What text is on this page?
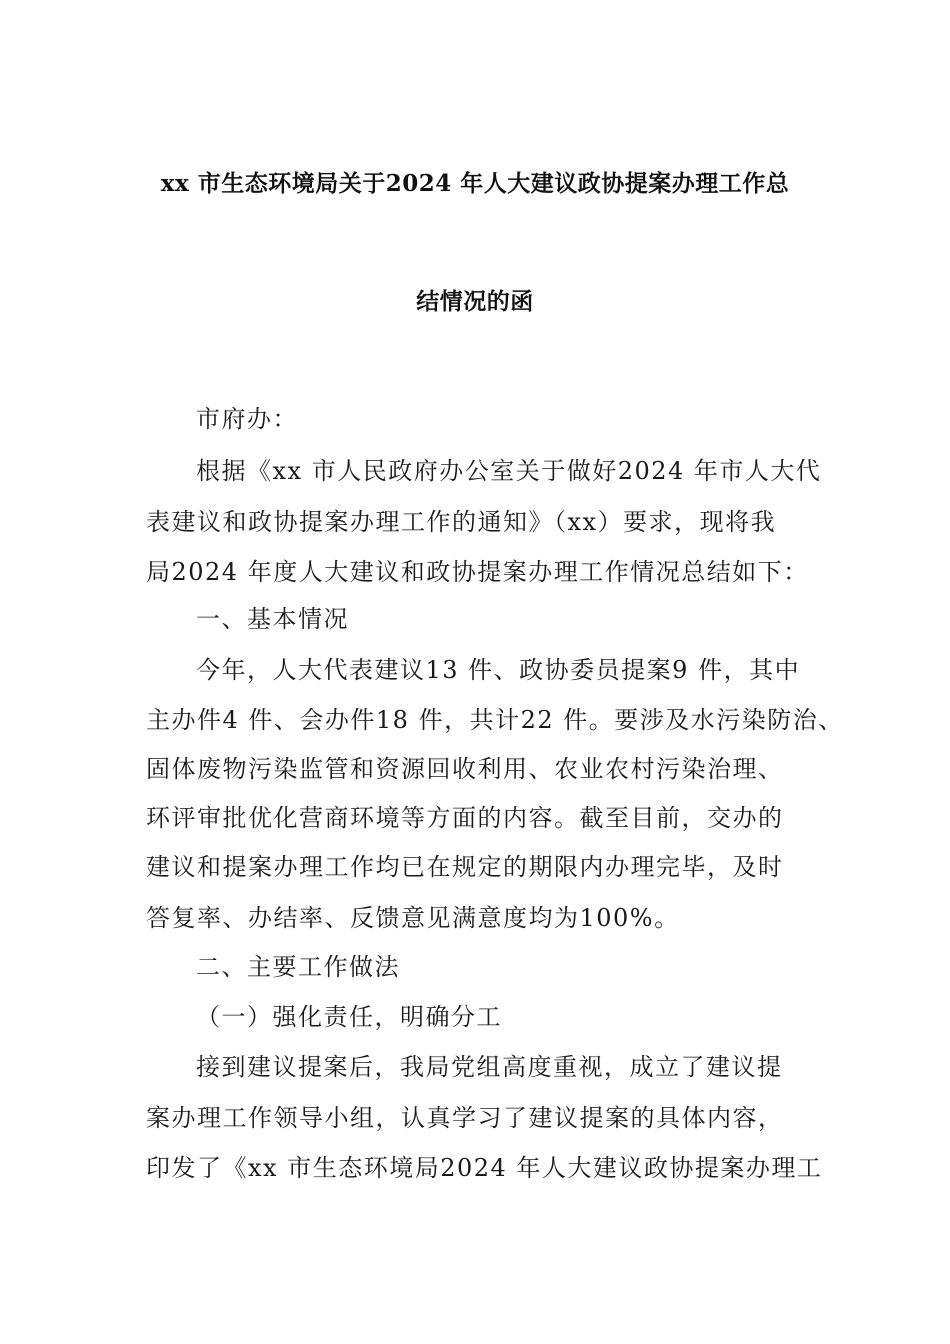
xx 市生态环境局关于2024 年人大建议政协提案办理工作总
结情况的函
市府办：
根据《xx 市人民政府办公室关于做好2024 年市人大代
表建议和政协提案办理工作的通知》（xx）要求，现将我
局2024 年度人大建议和政协提案办理工作情况总结如下：
一、基本情况
今年，人大代表建议13 件、政协委员提案9 件，其中
主办件4 件、会办件18 件，共计22 件。要涉及水污染防治、
固体废物污染监管和资源回收利用、农业农村污染治理、
环评审批优化营商环境等方面的内容。截至目前，交办的
建议和提案办理工作均已在规定的期限内办理完毕，及时
答复率、办结率、反馈意见满意度均为100%。
二、主要工作做法
（一）强化责任，明确分工
接到建议提案后，我局党组高度重视，成立了建议提
案办理工作领导小组，认真学习了建议提案的具体内容，
印发了《xx 市生态环境局2024 年人大建议政协提案办理工
